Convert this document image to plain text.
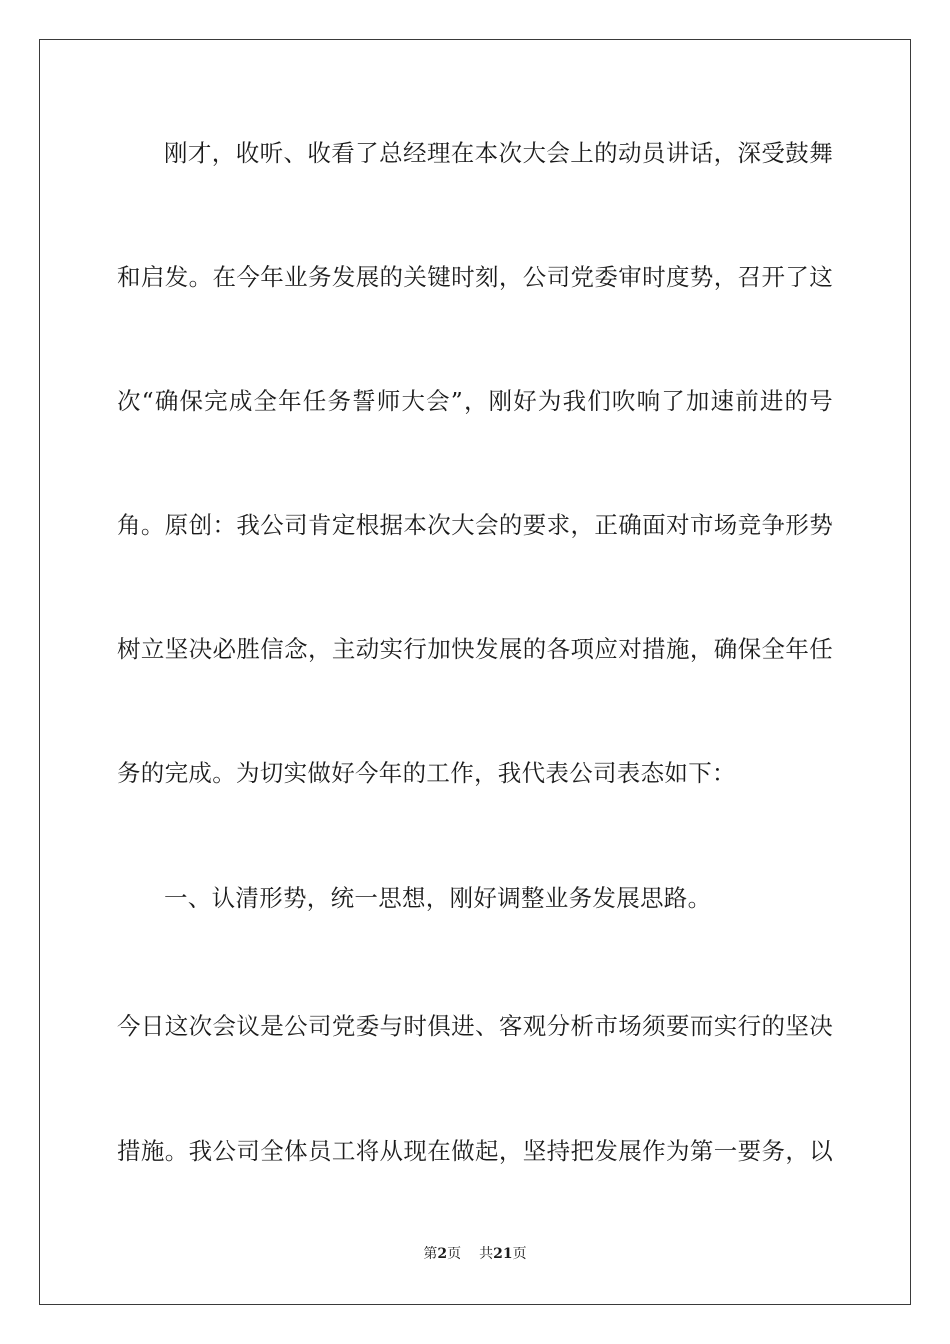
刚才，收听、收看了总经理在本次大会上的动员讲话，深受鼓舞
和启发。在今年业务发展的关键时刻，公司党委审时度势，召开了这
次“确保完成全年任务誓师大会”，刚好为我们吹响了加速前进的号
角。原创：我公司肯定根据本次大会的要求，正确面对市场竞争形势
树立坚决必胜信念，主动实行加快发展的各项应对措施，确保全年任
务的完成。为切实做好今年的工作，我代表公司表态如下：
一、认清形势，统一思想，刚好调整业务发展思路。
今日这次会议是公司党委与时俱进、客观分析市场须要而实行的坚决
措施。我公司全体员工将从现在做起，坚持把发展作为第一要务，以
第2页 共21页
